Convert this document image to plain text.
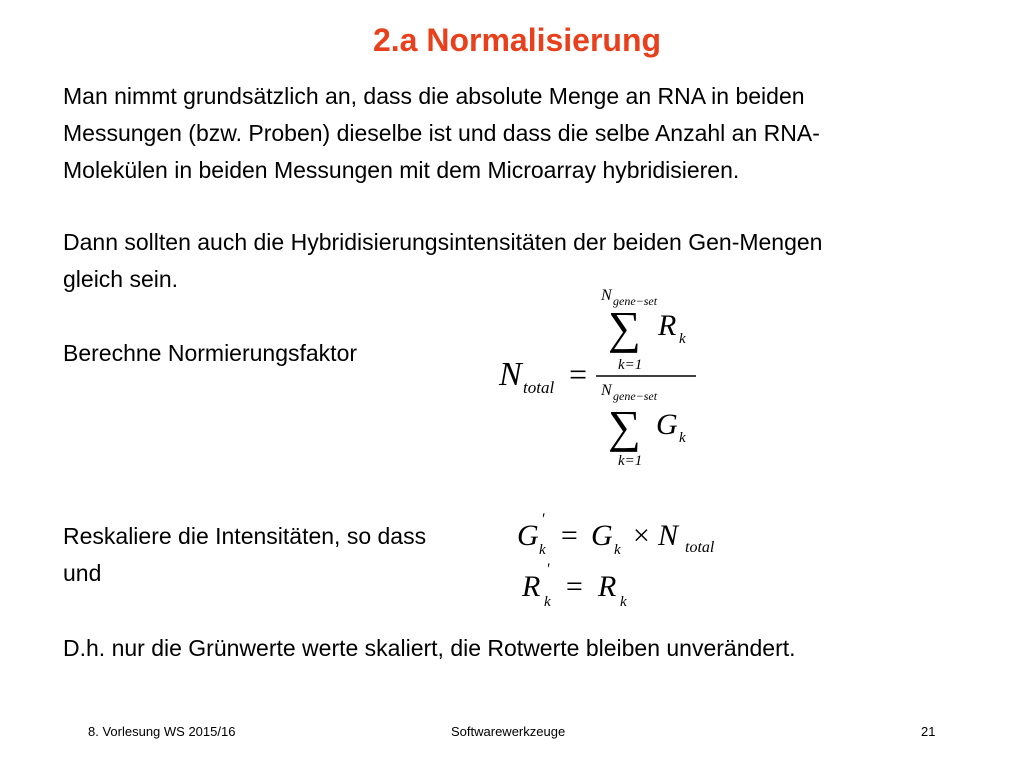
2.a Normalisierung
Man nimmt grundsätzlich an, dass die absolute Menge an RNA in beiden
Messungen (bzw. Proben) dieselbe ist und dass die selbe Anzahl an RNA-
Molekülen in beiden Messungen mit dem Microarray hybridisieren.
Dann sollten auch die Hybridisierungsintensitäten der beiden Gen-Mengen
gleich sein.
Berechne Normierungsfaktor
N total =
N gene−set
∑ R k
k=1
N gene−set
∑ G k
k=1
Reskaliere die Intensitäten, so dass
und
G '
k = G k × N total
R
'
k = R k
D.h. nur die Grünwerte werte skaliert, die Rotwerte bleiben unverändert.
8. Vorlesung WS 2015/16	Softwarewerkzeuge	21
